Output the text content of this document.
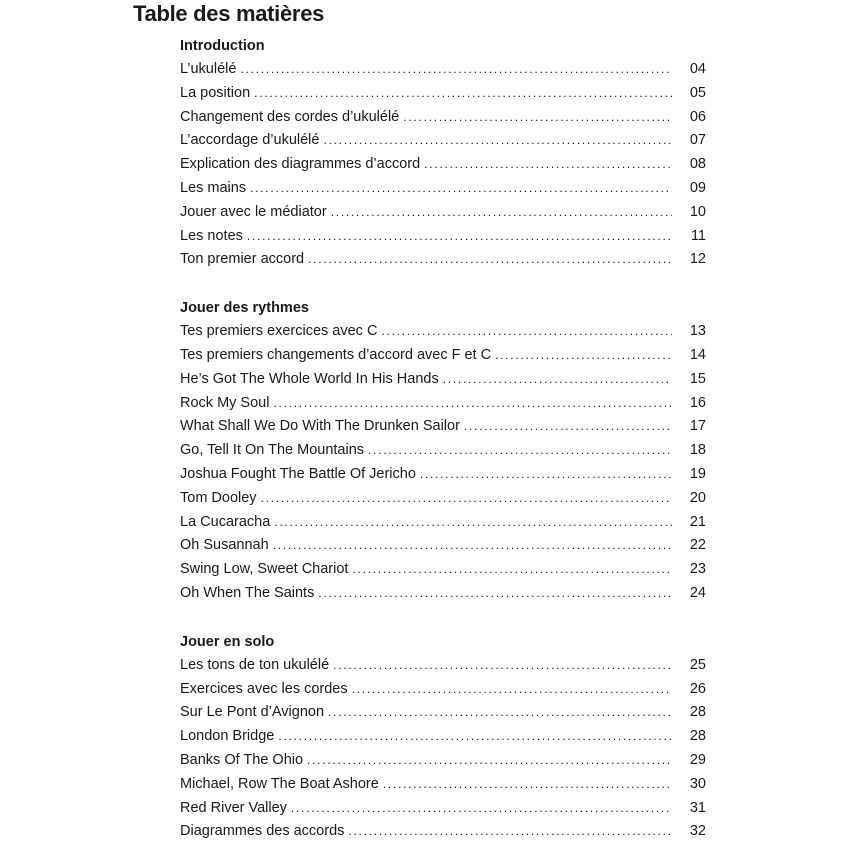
Table des matières
Introduction
L’ukulélé . . .	04
La position . . .	05
Changement des cordes d’ukulélé . . .	06
L’accordage d’ukulélé . . .	07
Explication des diagrammes d’accord . . .	08
Les mains . . .	09
Jouer avec le médiator . . .	10
Les notes . . .	11
Ton premier accord . . .	12
Jouer des rythmes
Tes premiers exercices avec C . . .	13
Tes premiers changements d’accord avec F et C . . .	14
He’s Got The Whole World In His Hands . . .	15
Rock My Soul . . .	16
What Shall We Do With The Drunken Sailor . . .	17
Go, Tell It On The Mountains . . .	18
Joshua Fought The Battle Of Jericho . . .	19
Tom Dooley . . .	20
La Cucaracha . . .	21
Oh Susannah . . .	22
Swing Low, Sweet Chariot . . .	23
Oh When The Saints . . .	24
Jouer en solo
Les tons de ton ukulélé . . .	25
Exercices avec les cordes . . .	26
Sur Le Pont d’Avignon . . .	28
London Bridge . . .	28
Banks Of The Ohio . . .	29
Michael, Row The Boat Ashore . . .	30
Red River Valley . . .	31
Diagrammes des accords . . .	32
